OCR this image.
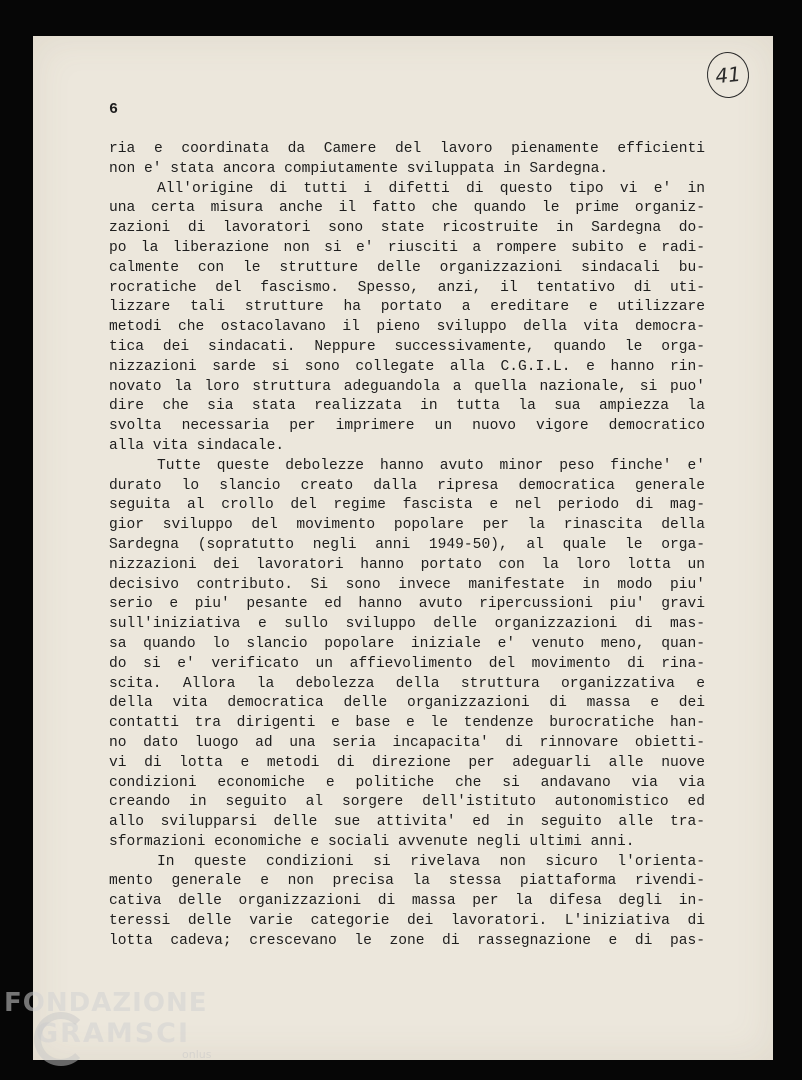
6
41
ria e coordinata da Camere del lavoro pienamente efficienti
non e' stata ancora compiutamente sviluppata in Sardegna.
All'origine di tutti i difetti di questo tipo vi e' in
una certa misura anche il fatto che quando le prime organiz-
zazioni di lavoratori sono state ricostruite in Sardegna do-
po la liberazione non si e' riusciti a rompere subito e radi-
calmente con le strutture delle organizzazioni sindacali bu-
rocratiche del fascismo. Spesso, anzi, il tentativo di uti-
lizzare tali strutture ha portato a ereditare e utilizzare
metodi che ostacolavano il pieno sviluppo della vita democra-
tica dei sindacati. Neppure successivamente, quando le orga-
nizzazioni sarde si sono collegate alla C.G.I.L. e hanno rin-
novato la loro struttura adeguandola a quella nazionale, si puo'
dire che sia stata realizzata in tutta la sua ampiezza la
svolta necessaria per imprimere un nuovo vigore democratico
alla vita sindacale.
Tutte queste debolezze hanno avuto minor peso finche' e'
durato lo slancio creato dalla ripresa democratica generale
seguita al crollo del regime fascista e nel periodo di mag-
gior sviluppo del movimento popolare per la rinascita della
Sardegna (sopratutto negli anni 1949-50), al quale le orga-
nizzazioni dei lavoratori hanno portato con la loro lotta un
decisivo contributo. Si sono invece manifestate in modo piu'
serio e piu' pesante ed hanno avuto ripercussioni piu' gravi
sull'iniziativa e sullo sviluppo delle organizzazioni di mas-
sa quando lo slancio popolare iniziale e' venuto meno, quan-
do si e' verificato un affievolimento del movimento di rina-
scita. Allora la debolezza della struttura organizzativa e
della vita democratica delle organizzazioni di massa e dei
contatti tra dirigenti e base e le tendenze burocratiche han-
no dato luogo ad una seria incapacita' di rinnovare obietti-
vi di lotta e metodi di direzione per adeguarli alle nuove
condizioni economiche e politiche che si andavano via via
creando in seguito al sorgere dell'istituto autonomistico ed
allo svilupparsi delle sue attivita' ed in seguito alle tra-
sformazioni economiche e sociali avvenute negli ultimi anni.
In queste condizioni si rivelava non sicuro l'orienta-
mento generale e non precisa la stessa piattaforma rivendi-
cativa delle organizzazioni di massa per la difesa degli in-
teressi delle varie categorie dei lavoratori. L'iniziativa di
lotta cadeva; crescevano le zone di rassegnazione e di pas-
FONDAZIONE
GRAMSCI
onlus
